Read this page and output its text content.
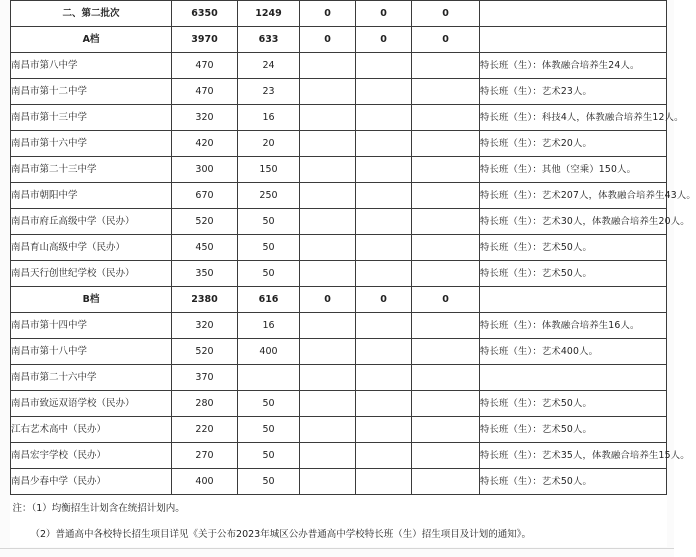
二、第二批次	6350	1249	0	0	0	
A档	3970	633	0	0	0	
南昌市第八中学	470	24				特长班（生）：体教融合培养生24人。
南昌市第十二中学	470	23				特长班（生）：艺术23人。
南昌市第十三中学	320	16				特长班（生）：科技4人，体教融合培养生12人。
南昌市第十六中学	420	20				特长班（生）：艺术20人。
南昌市第二十三中学	300	150				特长班（生）：其他（空乘）150人。
南昌市朝阳中学	670	250				特长班（生）：艺术207人，体教融合培养生43人。
南昌市府丘高级中学（民办）	520	50				特长班（生）：艺术30人，体教融合培养生20人。
南昌育山高级中学（民办）	450	50				特长班（生）：艺术50人。
南昌天行创世纪学校（民办）	350	50				特长班（生）：艺术50人。
B档	2380	616	0	0	0	
南昌市第十四中学	320	16				特长班（生）：体教融合培养生16人。
南昌市第十八中学	520	400				特长班（生）：艺术400人。
南昌市第二十六中学	370					
南昌市致远双语学校（民办）	280	50				特长班（生）：艺术50人。
江右艺术高中（民办）	220	50				特长班（生）：艺术50人。
南昌宏宇学校（民办）	270	50				特长班（生）：艺术35人，体教融合培养生15人。
南昌少春中学（民办）	400	50				特长班（生）：艺术50人。
注：（1）均衡招生计划含在统招计划内。						
（2）普通高中各校特长招生项目详见《关于公布2023年城区公办普通高中学校特长班（生）招生项目及计划的通知》。						
